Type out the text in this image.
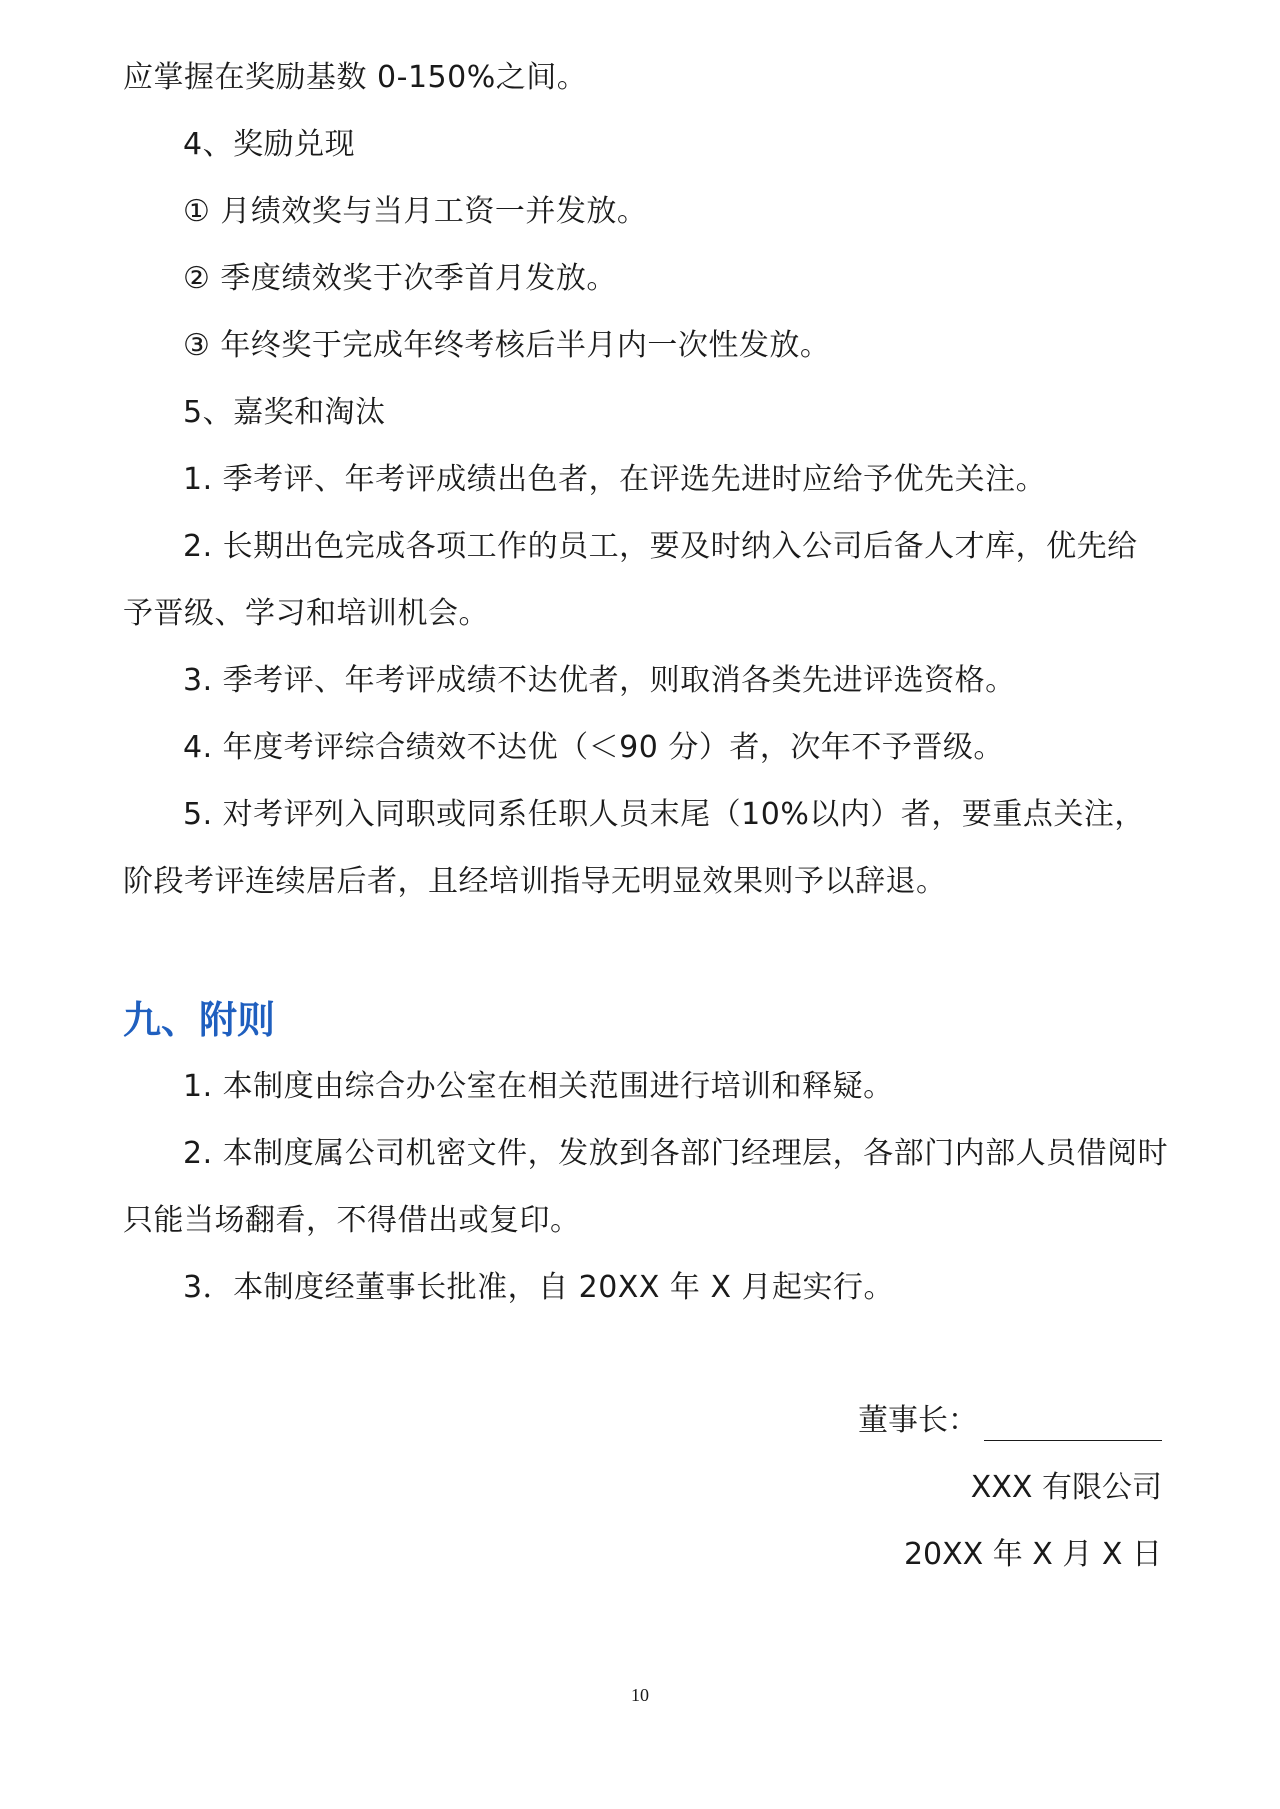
应掌握在奖励基数 0-150%之间。
4、奖励兑现
① 月绩效奖与当月工资一并发放。
② 季度绩效奖于次季首月发放。
③ 年终奖于完成年终考核后半月内一次性发放。
5、嘉奖和淘汰
1. 季考评、年考评成绩出色者，在评选先进时应给予优先关注。
2. 长期出色完成各项工作的员工，要及时纳入公司后备人才库，优先给
予晋级、学习和培训机会。
3. 季考评、年考评成绩不达优者，则取消各类先进评选资格。
4. 年度考评综合绩效不达优（＜90 分）者，次年不予晋级。
5. 对考评列入同职或同系任职人员末尾（10%以内）者，要重点关注，
阶段考评连续居后者，且经培训指导无明显效果则予以辞退。
九、附则
1. 本制度由综合办公室在相关范围进行培训和释疑。
2. 本制度属公司机密文件，发放到各部门经理层，各部门内部人员借阅时
只能当场翻看，不得借出或复印。
3．本制度经董事长批准，自 20XX 年 X 月起实行。
董事长：
XXX 有限公司
20XX 年 X 月 X 日
10
